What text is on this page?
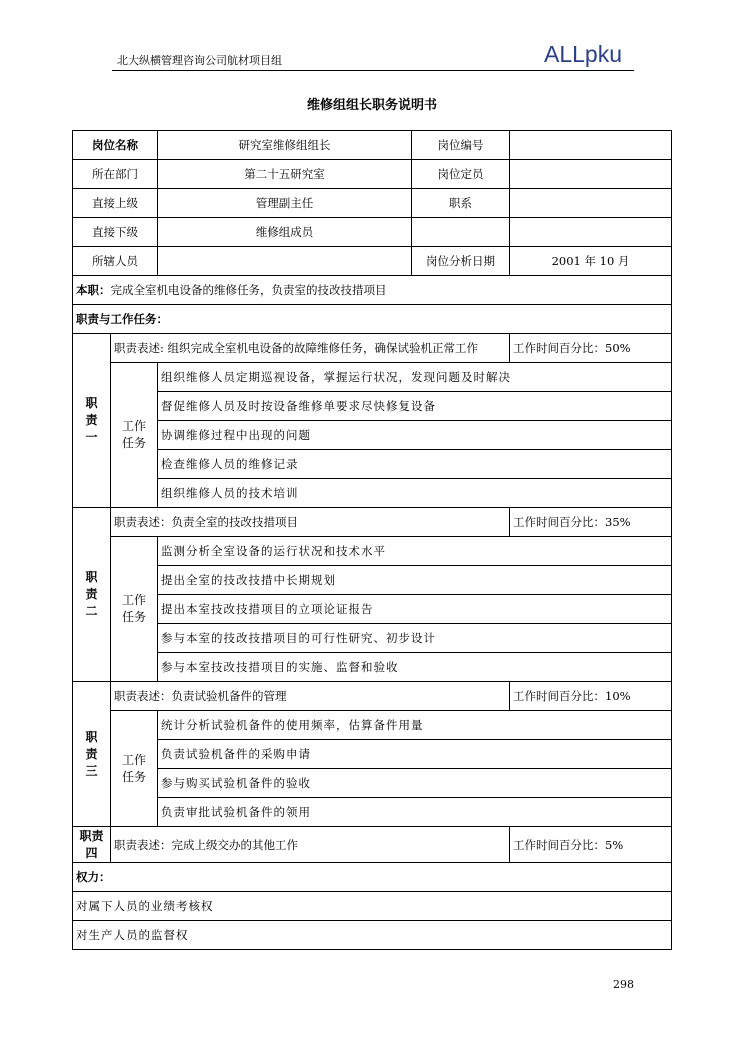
北大纵横管理咨询公司航材项目组	ALLpku
维修组组长职务说明书
岗位名称		研究室维修组组长	岗位编号	
所在部门		第二十五研究室	岗位定员	
直接上级		管理副主任	职系	
直接下级		维修组成员		
所辖人员			岗位分析日期	2001 年 10 月
本职：完成全室机电设备的维修任务，负责室的技改技措项目				
职责与工作任务：				
职
责
一	职责表述: 组织完成全室机电设备的故障维修任务，确保试验机正常工作			工作时间百分比：50%
	工作
任务	组织维修人员定期巡视设备，掌握运行状况，发现问题及时解决		
		督促维修人员及时按设备维修单要求尽快修复设备		
		协调维修过程中出现的问题		
		检查维修人员的维修记录		
		组织维修人员的技术培训		
职
责
二	职责表述：负责全室的技改技措项目			工作时间百分比：35%
	工作
任务	监测分析全室设备的运行状况和技术水平		
		提出全室的技改技措中长期规划		
		提出本室技改技措项目的立项论证报告		
		参与本室的技改技措项目的可行性研究、初步设计		
		参与本室技改技措项目的实施、监督和验收		
职
责
三	职责表述：负责试验机备件的管理			工作时间百分比：10%
	工作
任务	统计分析试验机备件的使用频率，估算备件用量		
		负责试验机备件的采购申请		
		参与购买试验机备件的验收		
		负责审批试验机备件的领用		
职责
四	职责表述：完成上级交办的其他工作			工作时间百分比：5%
权力：				
对属下人员的业绩考核权				
对生产人员的监督权				
298
